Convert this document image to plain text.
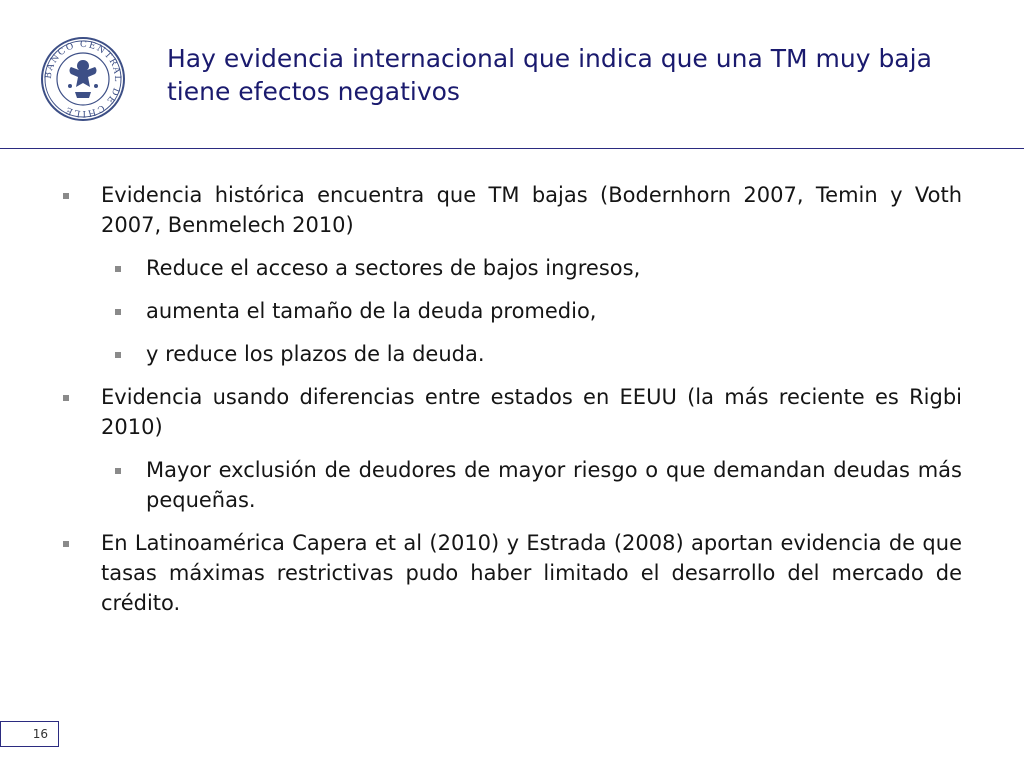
BANCO CENTRAL DE CHILE
Hay evidencia internacional que indica que una TM muy baja tiene efectos negativos
Evidencia histórica encuentra que TM bajas (Bodernhorn 2007, Temin y Voth 2007, Benmelech 2010)
Reduce el acceso a sectores de bajos ingresos,
aumenta el tamaño de la deuda promedio,
y reduce los plazos de la deuda.
Evidencia usando diferencias entre estados en EEUU (la más reciente es Rigbi 2010)
Mayor exclusión de deudores de mayor riesgo o que demandan deudas más pequeñas.
En Latinoamérica Capera et al (2010) y Estrada (2008) aportan evidencia de que tasas máximas restrictivas pudo haber limitado el desarrollo del mercado de crédito.
16
